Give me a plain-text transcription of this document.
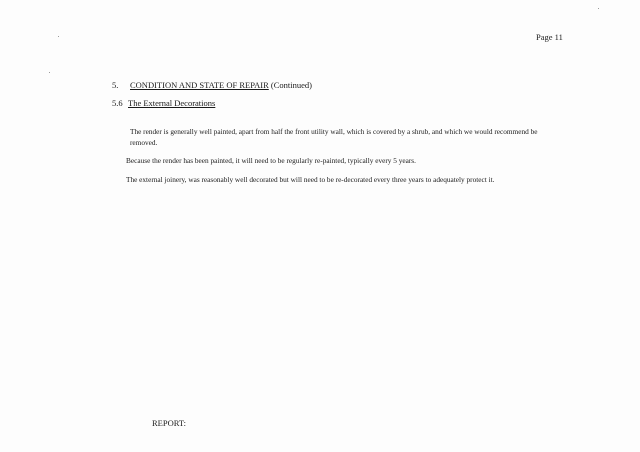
Page 11
5. CONDITION AND STATE OF REPAIR (Continued)
5.6 The External Decorations
The render is generally well painted, apart from half the front utility wall, which is covered by a shrub, and which we would recommend be removed.
Because the render has been painted, it will need to be regularly re-painted, typically every 5 years.
The external joinery, was reasonably well decorated but will need to be re-decorated every three years to adequately protect it.
REPORT:
